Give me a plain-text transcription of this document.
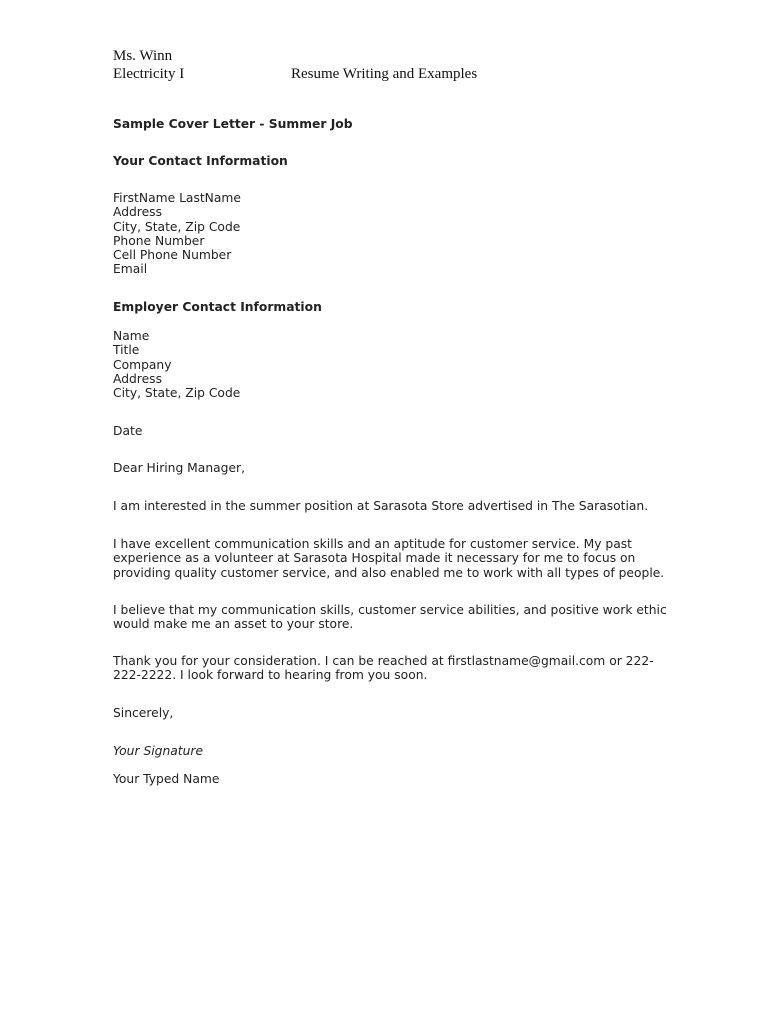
Ms. Winn
Electricity I	Resume Writing and Examples
Sample Cover Letter - Summer Job
Your Contact Information
FirstName LastName
Address
City, State, Zip Code
Phone Number
Cell Phone Number
Email
Employer Contact Information
Name
Title
Company
Address
City, State, Zip Code
Date
Dear Hiring Manager,
I am interested in the summer position at Sarasota Store advertised in The Sarasotian.
I have excellent communication skills and an aptitude for customer service. My past
experience as a volunteer at Sarasota Hospital made it necessary for me to focus on
providing quality customer service, and also enabled me to work with all types of people.
I believe that my communication skills, customer service abilities, and positive work ethic
would make me an asset to your store.
Thank you for your consideration. I can be reached at firstlastname@gmail.com or 222-
222-2222. I look forward to hearing from you soon.
Sincerely,
Your Signature
Your Typed Name
